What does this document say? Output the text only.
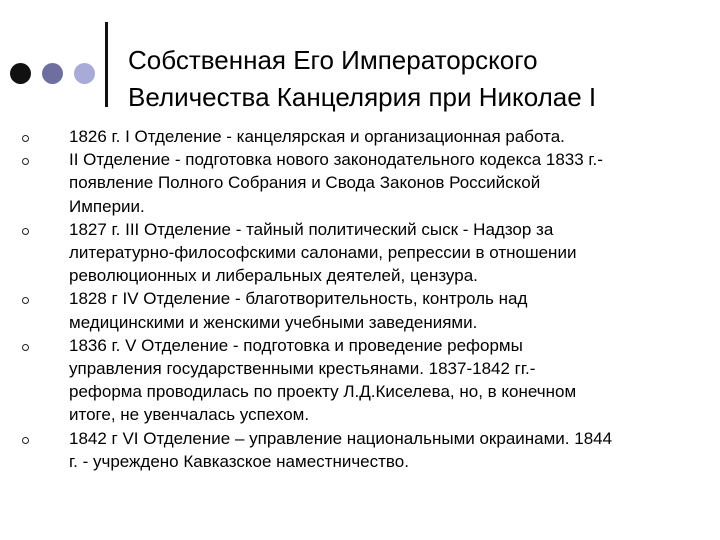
Собственная Его Императорского
Величества Канцелярия при Николае I
1826 г. I Отделение - канцелярская и организационная работа.
II Отделение - подготовка нового законодательного кодекса 1833 г.-
появление Полного Собрания и Свода Законов Российской
Империи.
1827 г. III Отделение - тайный политический сыск - Надзор за
литературно-философскими салонами, репрессии в отношении
революционных и либеральных деятелей, цензура.
1828 г IV Отделение - благотворительность, контроль над
медицинскими и женскими учебными заведениями.
1836 г. V Отделение - подготовка и проведение реформы
управления государственными крестьянами. 1837-1842 гг.-
реформа проводилась по проекту Л.Д.Киселева, но, в конечном
итоге, не увенчалась успехом.
1842 г VI Отделение – управление национальными окраинами. 1844
г. - учреждено Кавказское наместничество.
